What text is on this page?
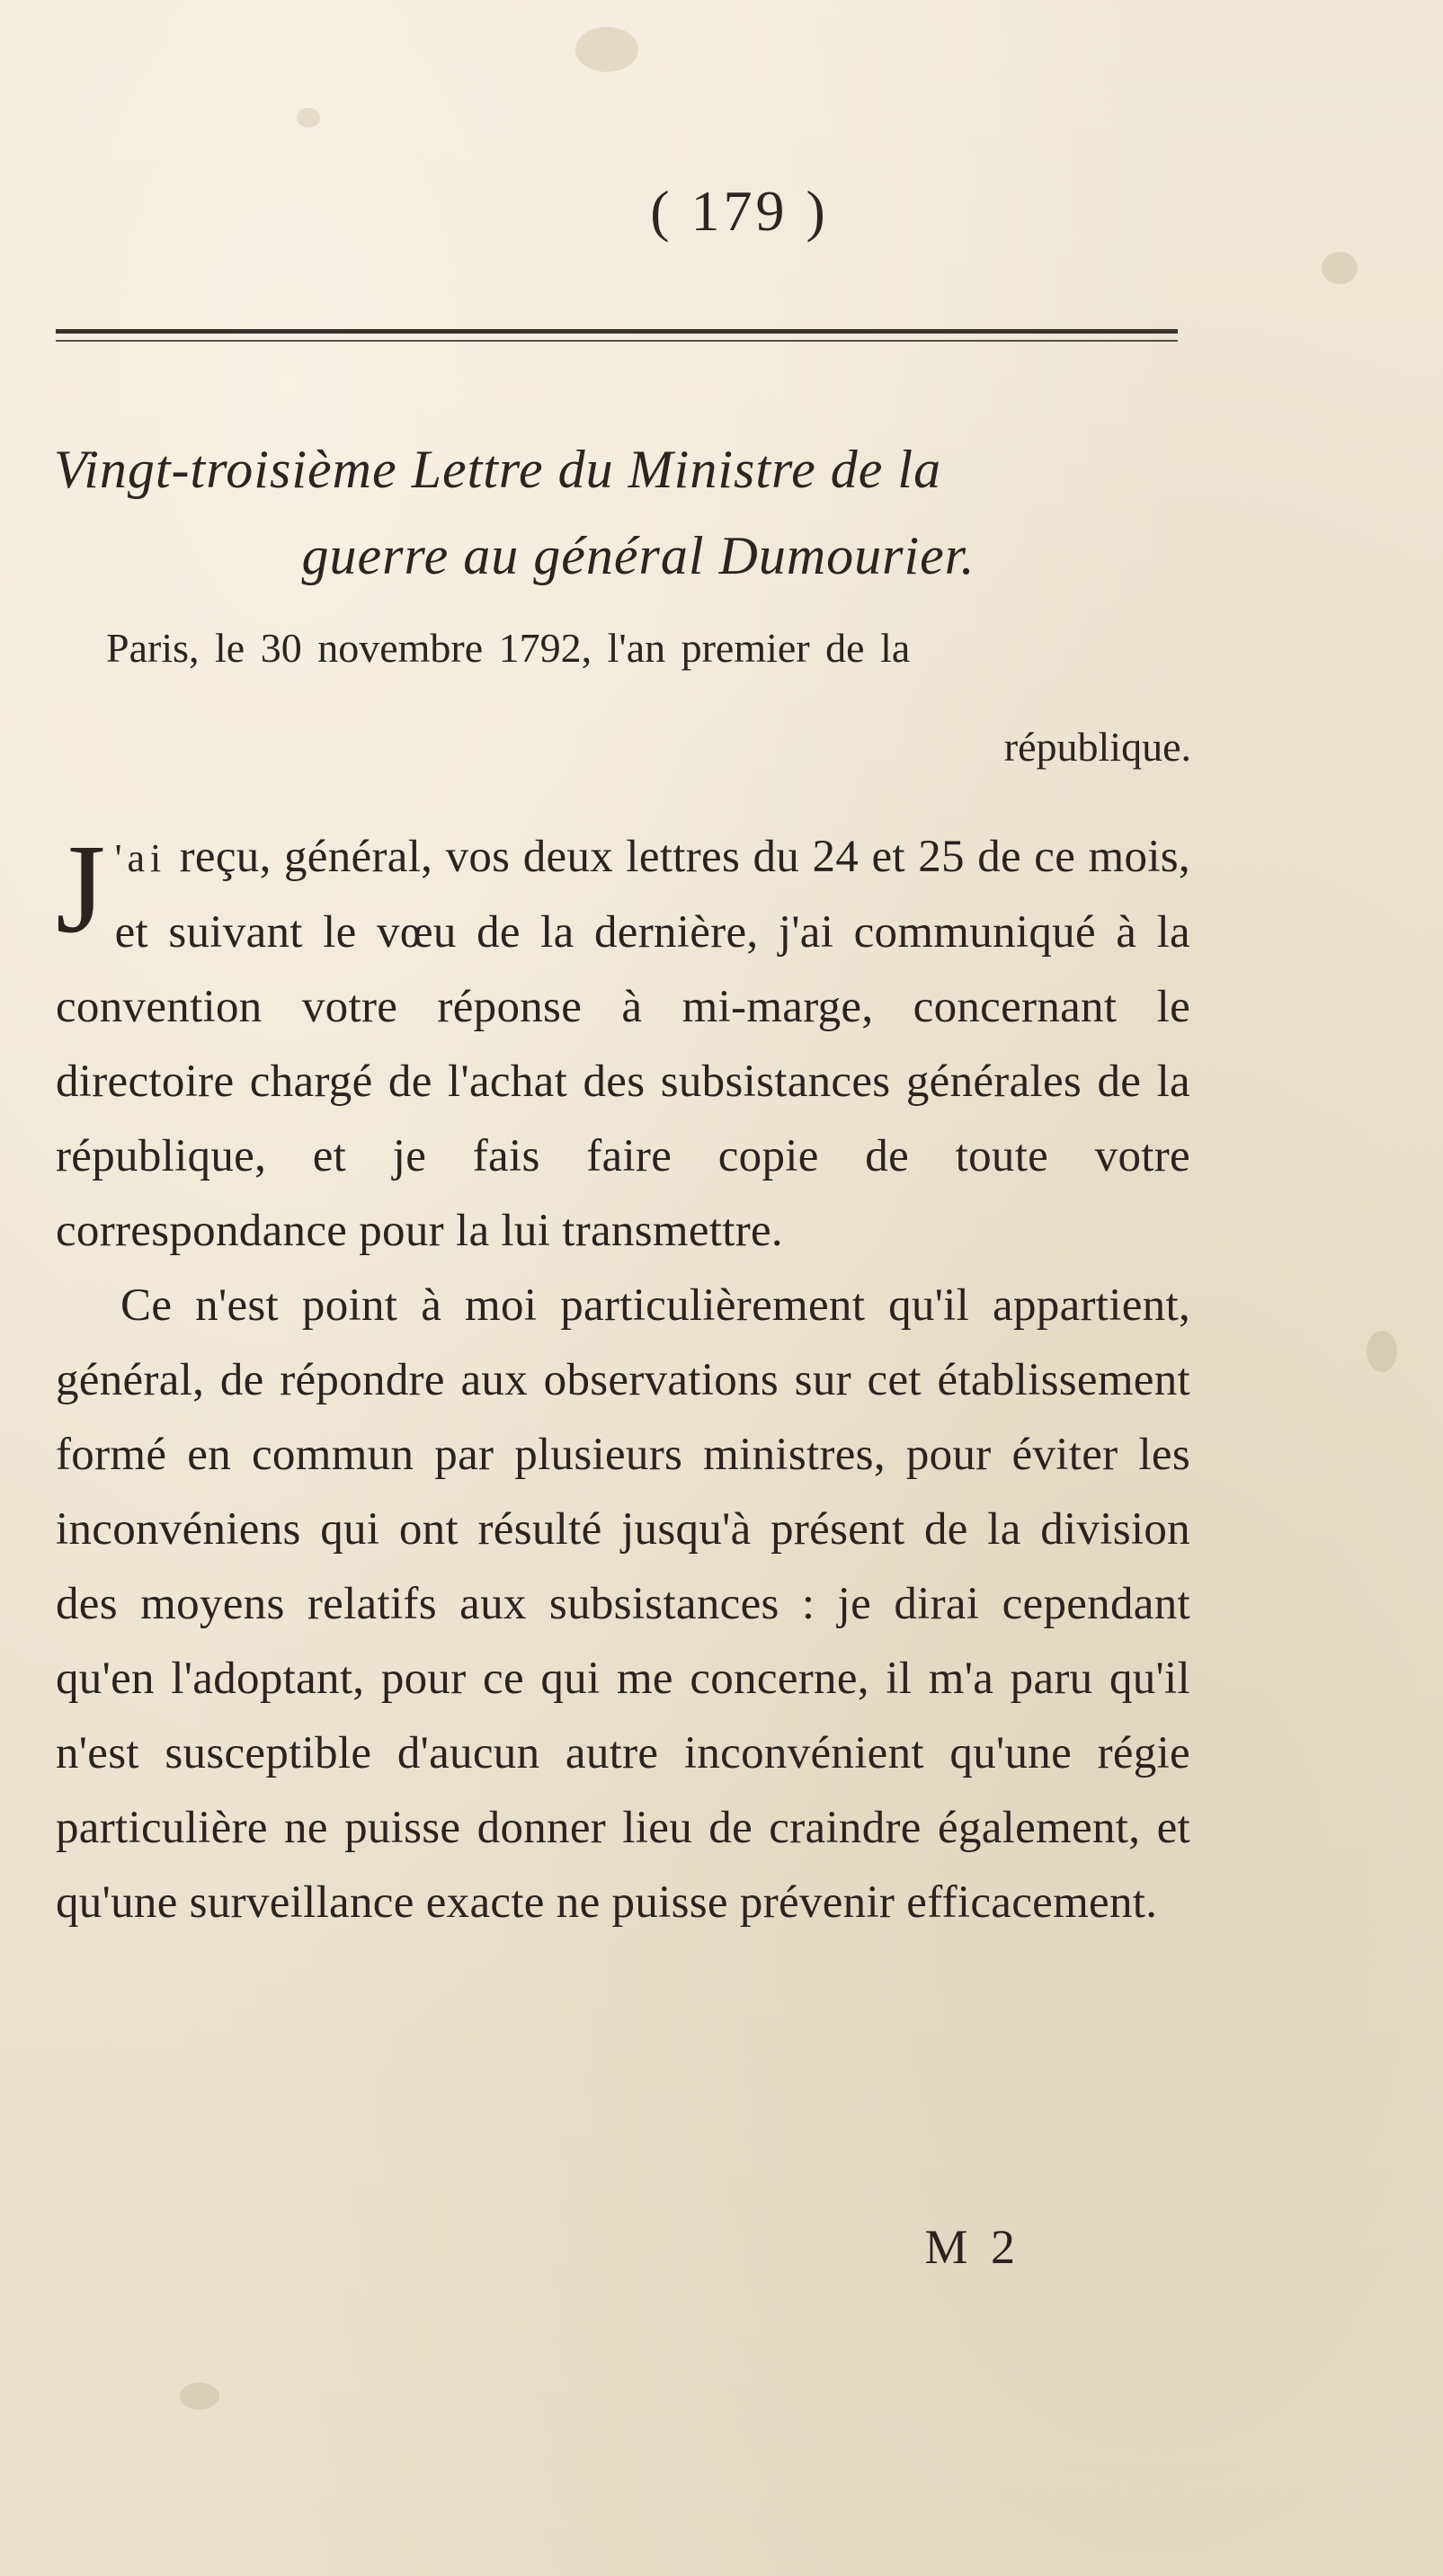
( 179 )
Vingt-troisième Lettre du Ministre de la
guerre au général Dumourier.
Paris, le 30 novembre 1792, l'an premier de la
république.

J 'ai reçu, général, vos deux lettres du 24 et 25 de ce mois, et suivant le vœu de la dernière, j'ai communiqué à la convention votre réponse à mi-marge, concernant le directoire chargé de l'achat des subsistances générales de la république, et je fais faire copie de toute votre correspondance pour la lui transmettre.

Ce n'est point à moi particulièrement qu'il appartient, général, de répondre aux observations sur cet établissement formé en commun par plusieurs ministres, pour éviter les inconvéniens qui ont résulté jusqu'à présent de la division des moyens relatifs aux subsistances : je dirai cependant qu'en l'adoptant, pour ce qui me concerne, il m'a paru qu'il n'est susceptible d'aucun autre inconvénient qu'une régie particulière ne puisse donner lieu de craindre également, et qu'une surveillance exacte ne puisse prévenir efficacement.

M 2
